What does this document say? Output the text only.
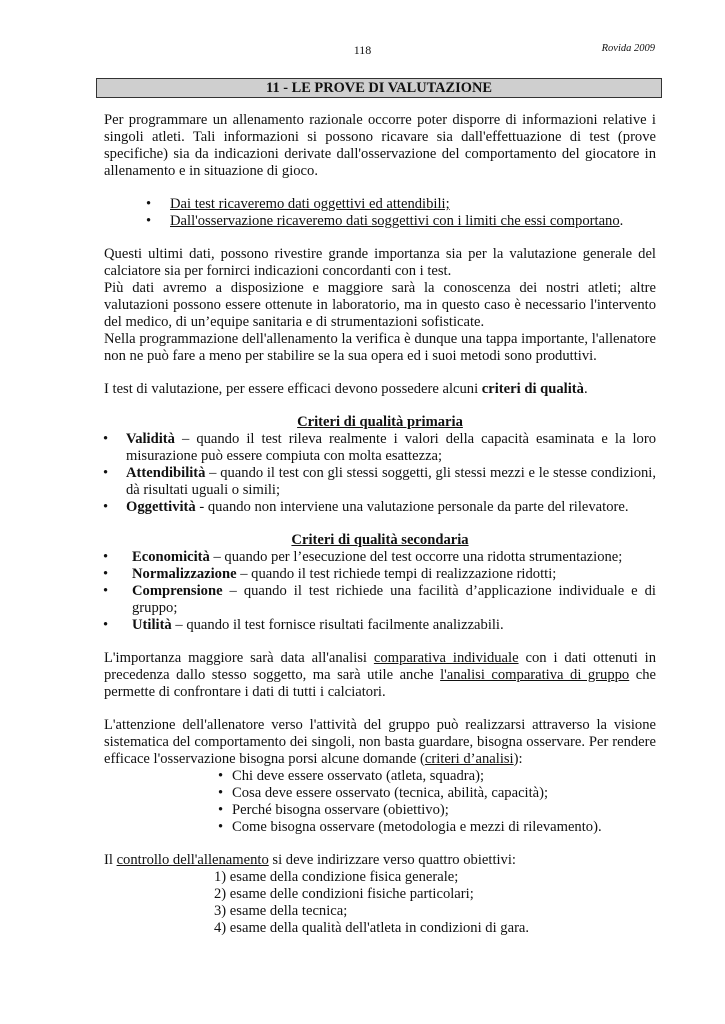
118	Rovida 2009
11 - LE PROVE DI VALUTAZIONE

Per programmare un allenamento razionale occorre poter disporre di informazioni relative i singoli atleti. Tali informazioni si possono ricavare sia dall'effettuazione di test (prove specifiche) sia da indicazioni derivate dall'osservazione del comportamento del giocatore in allenamento e in situazione di gioco.

• Dai test ricaveremo dati oggettivi ed attendibili;
• Dall'osservazione ricaveremo dati soggettivi con i limiti che essi comportano.

Questi ultimi dati, possono rivestire grande importanza sia per la valutazione generale del calciatore sia per fornirci indicazioni concordanti con i test.

Più dati avremo a disposizione e maggiore sarà la conoscenza dei nostri atleti; altre valutazioni possono essere ottenute in laboratorio, ma in questo caso è necessario l'intervento del medico, di un’equipe sanitaria e di strumentazioni sofisticate.

Nella programmazione dell'allenamento la verifica è dunque una tappa importante, l'allenatore non ne può fare a meno per stabilire se la sua opera ed i suoi metodi sono produttivi.

I test di valutazione, per essere efficaci devono possedere alcuni criteri di qualità.

Criteri di qualità primaria
• Validità – quando il test rileva realmente i valori della capacità esaminata e la loro misurazione può essere compiuta con molta esattezza;
• Attendibilità – quando il test con gli stessi soggetti, gli stessi mezzi e le stesse condizioni, dà risultati uguali o simili;
• Oggettività - quando non interviene una valutazione personale da parte del rilevatore.
Criteri di qualità secondaria
• Economicità – quando per l’esecuzione del test occorre una ridotta strumentazione;
• Normalizzazione – quando il test richiede tempi di realizzazione ridotti;
• Comprensione – quando il test richiede una facilità d’applicazione individuale e di gruppo;
• Utilità – quando il test fornisce risultati facilmente analizzabili.

L'importanza maggiore sarà data all'analisi comparativa individuale con i dati ottenuti in precedenza dallo stesso soggetto, ma sarà utile anche l'analisi comparativa di gruppo che permette di confrontare i dati di tutti i calciatori.

L'attenzione dell'allenatore verso l'attività del gruppo può realizzarsi attraverso la visione sistematica del comportamento dei singoli, non basta guardare, bisogna osservare. Per rendere efficace l'osservazione bisogna porsi alcune domande (criteri d’analisi):

• Chi deve essere osservato (atleta, squadra);
• Cosa deve essere osservato (tecnica, abilità, capacità);
• Perché bisogna osservare (obiettivo);
• Come bisogna osservare (metodologia e mezzi di rilevamento).

Il controllo dell'allenamento si deve indirizzare verso quattro obiettivi:

1) esame della condizione fisica generale;
2) esame delle condizioni fisiche particolari;
3) esame della tecnica;
4) esame della qualità dell'atleta in condizioni di gara.
